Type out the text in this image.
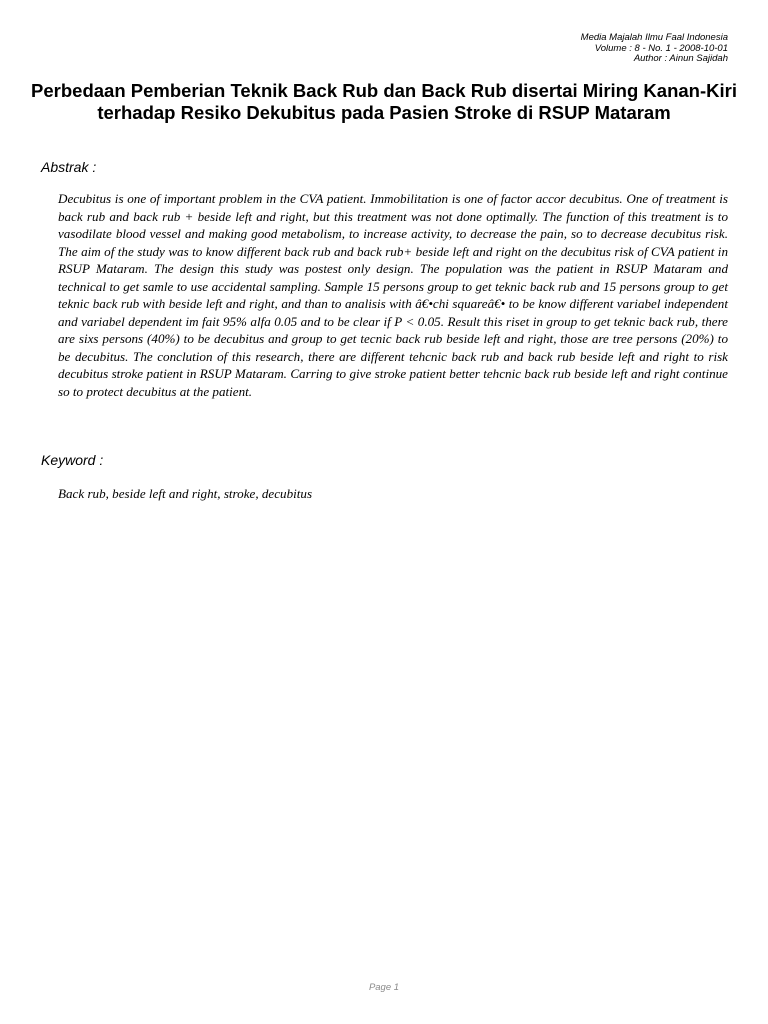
Media Majalah Ilmu Faal Indonesia
Volume : 8 - No. 1 - 2008-10-01
Author : Ainun Sajidah
Perbedaan Pemberian Teknik Back Rub dan Back Rub disertai Miring Kanan-Kiri terhadap Resiko Dekubitus pada Pasien Stroke di RSUP Mataram
Abstrak :

Decubitus is one of important problem in the CVA patient. Immobilitation is one of factor accor decubitus. One of treatment is back rub and back rub + beside left and right, but this treatment was not done optimally. The function of this treatment is to vasodilate blood vessel and making good metabolism, to increase activity, to decrease the pain, so to decrease decubitus risk. The aim of the study was to know different back rub and back rub+ beside left and right on the decubitus risk of CVA patient in RSUP Mataram. The design this study was postest only design. The population was the patient in RSUP Mataram and technical to get samle to use accidental sampling. Sample 15 persons group to get teknic back rub and 15 persons group to get teknic back rub with beside left and right, and than to analisis with â€•chi squareâ€• to be know different variabel independent and variabel dependent im fait 95% alfa 0.05 and to be clear if P < 0.05. Result this riset in group to get teknic back rub, there are sixs persons (40%) to be decubitus and group to get tecnic back rub beside left and right, those are tree persons (20%) to be decubitus. The conclution of this research, there are different tehcnic back rub and back rub beside left and right to risk decubitus stroke patient in RSUP Mataram. Carring to give stroke patient better tehcnic back rub beside left and right continue so to protect decubitus at the patient.

Keyword :

Back rub, beside left and right, stroke, decubitus

Page 1
